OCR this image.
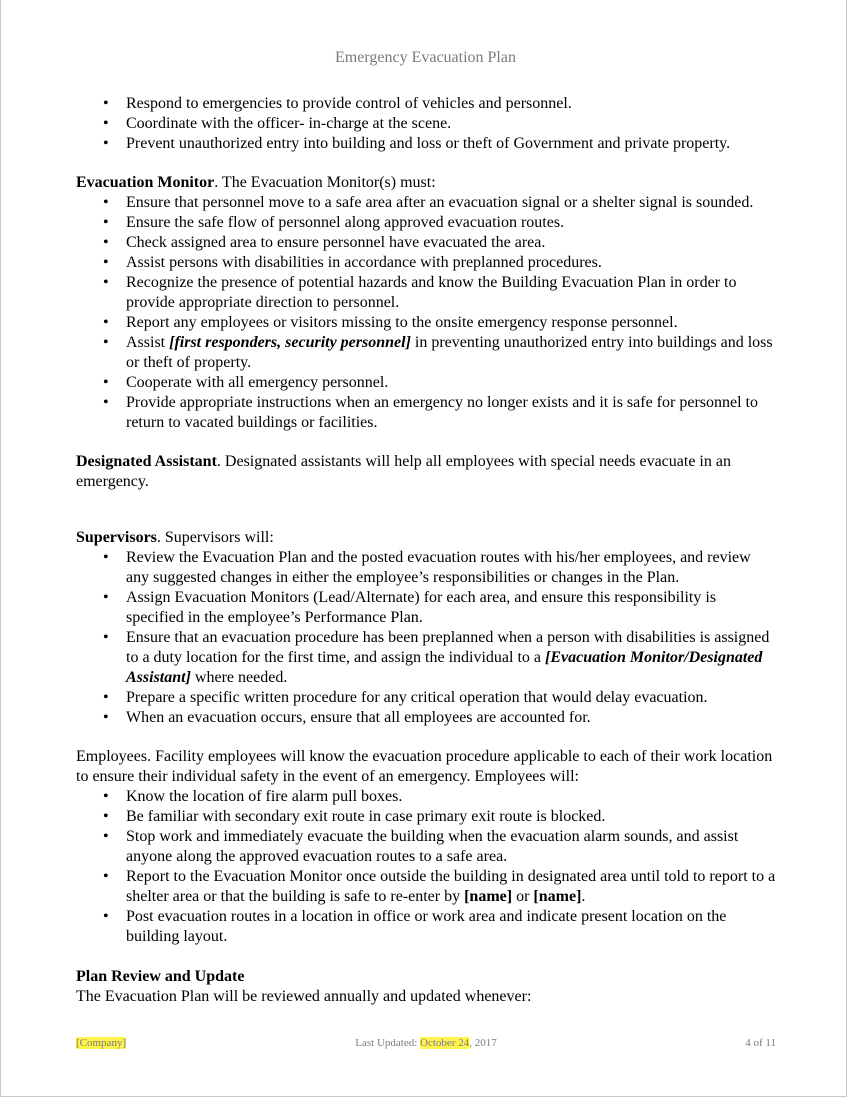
Emergency Evacuation Plan
• Respond to emergencies to provide control of vehicles and personnel.
• Coordinate with the officer- in-charge at the scene.
• Prevent unauthorized entry into building and loss or theft of Government and private property.

Evacuation Monitor. The Evacuation Monitor(s) must:

• Ensure that personnel move to a safe area after an evacuation signal or a shelter signal is sounded.
• Ensure the safe flow of personnel along approved evacuation routes.
• Check assigned area to ensure personnel have evacuated the area.
• Assist persons with disabilities in accordance with preplanned procedures.
• Recognize the presence of potential hazards and know the Building Evacuation Plan in order to provide appropriate direction to personnel.
• Report any employees or visitors missing to the onsite emergency response personnel.
• Assist [first responders, security personnel] in preventing unauthorized entry into buildings and loss or theft of property.
• Cooperate with all emergency personnel.
• Provide appropriate instructions when an emergency no longer exists and it is safe for personnel to return to vacated buildings or facilities.

Designated Assistant. Designated assistants will help all employees with special needs evacuate in an emergency.

Supervisors. Supervisors will:

• Review the Evacuation Plan and the posted evacuation routes with his/her employees, and review any suggested changes in either the employee’s responsibilities or changes in the Plan.
• Assign Evacuation Monitors (Lead/Alternate) for each area, and ensure this responsibility is specified in the employee’s Performance Plan.
• Ensure that an evacuation procedure has been preplanned when a person with disabilities is assigned to a duty location for the first time, and assign the individual to a [Evacuation Monitor/Designated Assistant] where needed.
• Prepare a specific written procedure for any critical operation that would delay evacuation.
• When an evacuation occurs, ensure that all employees are accounted for.

Employees. Facility employees will know the evacuation procedure applicable to each of their work location to ensure their individual safety in the event of an emergency. Employees will:

• Know the location of fire alarm pull boxes.
• Be familiar with secondary exit route in case primary exit route is blocked.
• Stop work and immediately evacuate the building when the evacuation alarm sounds, and assist anyone along the approved evacuation routes to a safe area.
• Report to the Evacuation Monitor once outside the building in designated area until told to report to a shelter area or that the building is safe to re-enter by [name] or [name].
• Post evacuation routes in a location in office or work area and indicate present location on the building layout.

Plan Review and Update

The Evacuation Plan will be reviewed annually and updated whenever:

[Company]	Last Updated: October 24, 2017	4 of 11
